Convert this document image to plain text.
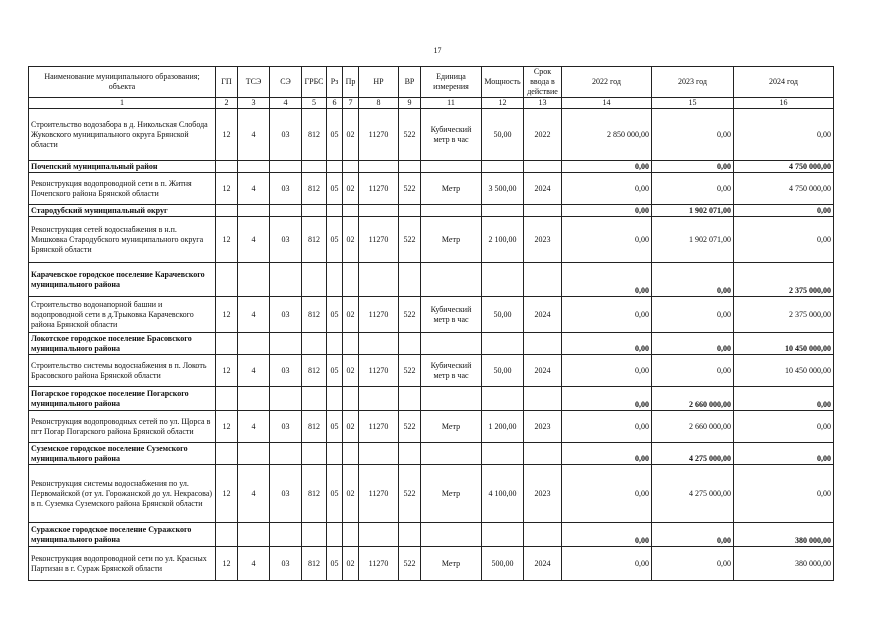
17
Наименование муниципального образования; объекта	ГП	ТСЭ	СЭ	ГРБС	Рз	Пр	НР	ВР	Единица измерения	Мощность	Срок ввода в действие	2022 год	2023 год	2024 год
1	2	3	4	5	6	7	8	9	11	12	13	14	15	16
Строительство водозабора в д. Никольская Слобода Жуковского муниципального округа Брянской области	12	4	03	812	05	02	11270	522	Кубический метр в час	50,00	2022	2 850 000,00	0,00	0,00
Почепский муниципальный район												0,00	0,00	4 750 000,00
Реконструкция водопроводной сети в п. Житня Почепского района Брянской области	12	4	03	812	05	02	11270	522	Метр	3 500,00	2024	0,00	0,00	4 750 000,00
Стародубский муниципальный округ												0,00	1 902 071,00	0,00
Реконструкция сетей водоснабжения в н.п. Мишковка Стародубского муниципального округа Брянской области	12	4	03	812	05	02	11270	522	Метр	2 100,00	2023	0,00	1 902 071,00	0,00
Карачевское городское поселение Карачевского муниципального района												0,00	0,00	2 375 000,00
Строительство водонапорной башни и водопроводной сети в д.Трыковка Карачевского района Брянской области	12	4	03	812	05	02	11270	522	Кубический метр в час	50,00	2024	0,00	0,00	2 375 000,00
Локотское городское поселение Брасовского муниципального района												0,00	0,00	10 450 000,00
Строительство системы водоснабжения в п. Локоть Брасовского района Брянской области	12	4	03	812	05	02	11270	522	Кубический метр в час	50,00	2024	0,00	0,00	10 450 000,00
Погарское городское поселение Погарского муниципального района												0,00	2 660 000,00	0,00
Реконструкция водопроводных сетей по ул. Щорса в пгт Погар Погарского района Брянской области	12	4	03	812	05	02	11270	522	Метр	1 200,00	2023	0,00	2 660 000,00	0,00
Суземское городское поселение Суземского муниципального района												0,00	4 275 000,00	0,00
Реконструкция системы водоснабжения по ул. Первомайской (от ул. Горожанской до ул. Некрасова) в п. Суземка Суземского района Брянской области	12	4	03	812	05	02	11270	522	Метр	4 100,00	2023	0,00	4 275 000,00	0,00
Суражское городское поселение Суражского муниципального района												0,00	0,00	380 000,00
Реконструкция водопроводной сети по ул. Красных Партизан в г. Сураж Брянской области	12	4	03	812	05	02	11270	522	Метр	500,00	2024	0,00	0,00	380 000,00
